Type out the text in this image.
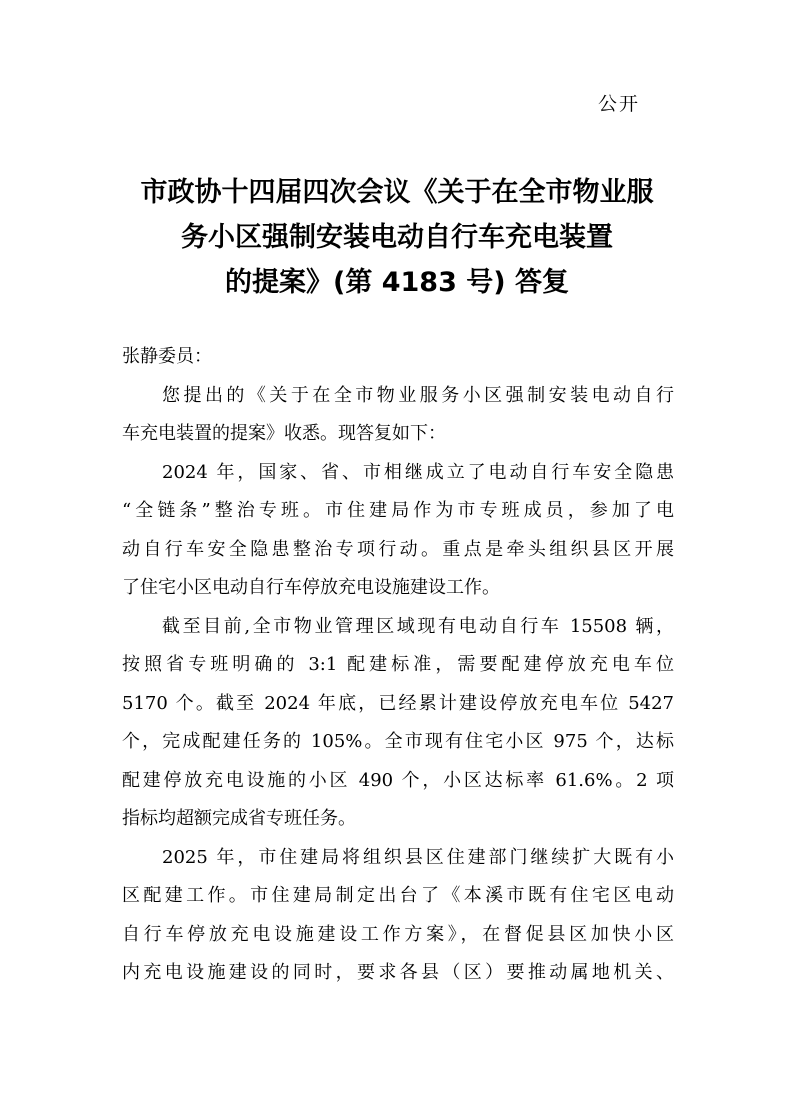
公开
市政协十四届四次会议《关于在全市物业服
务小区强制安装电动自行车充电装置
的提案》(第 4183 号) 答复
张静委员：
您提出的《关于在全市物业服务小区强制安装电动自行
车充电装置的提案》收悉。现答复如下：
2024 年，国家、省、市相继成立了电动自行车安全隐患
“全链条”整治专班。市住建局作为市专班成员，参加了电
动自行车安全隐患整治专项行动。重点是牵头组织县区开展
了住宅小区电动自行车停放充电设施建设工作。
截至目前,全市物业管理区域现有电动自行车 15508 辆，
按照省专班明确的 3:1 配建标准，需要配建停放充电车位
5170 个。截至 2024 年底，已经累计建设停放充电车位 5427
个，完成配建任务的 105%。全市现有住宅小区 975 个，达标
配建停放充电设施的小区 490 个，小区达标率 61.6%。2 项
指标均超额完成省专班任务。
2025 年，市住建局将组织县区住建部门继续扩大既有小
区配建工作。市住建局制定出台了《本溪市既有住宅区电动
自行车停放充电设施建设工作方案》，在督促县区加快小区
内充电设施建设的同时，要求各县（区）要推动属地机关、
